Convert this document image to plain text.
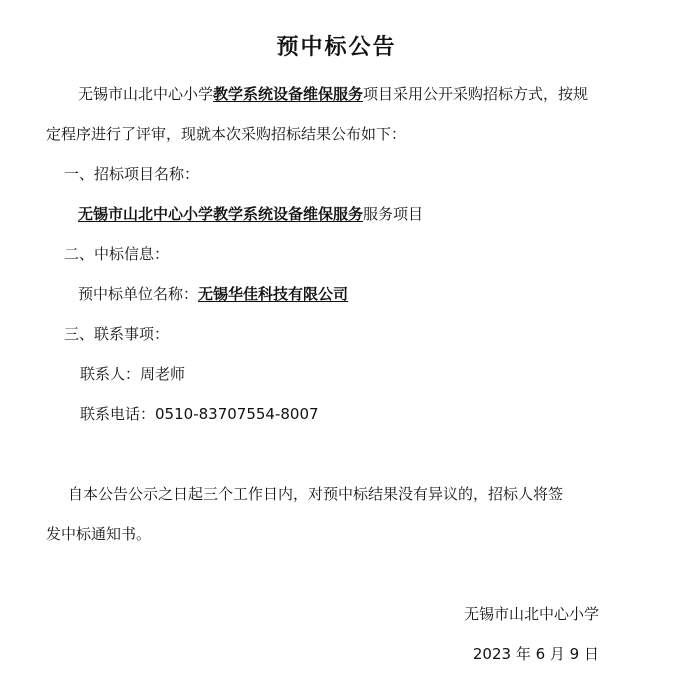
预中标公告
无锡市山北中心小学教学系统设备维保服务项目采用公开采购招标方式，按规
定程序进行了评审，现就本次采购招标结果公布如下：
一、招标项目名称：
无锡市山北中心小学教学系统设备维保服务服务项目
二、中标信息：
预中标单位名称：无锡华佳科技有限公司
三、联系事项：
联系人：周老师
联系电话：0510-83707554-8007
自本公告公示之日起三个工作日内，对预中标结果没有异议的，招标人将签
发中标通知书。
无锡市山北中心小学
2023 年 6 月 9 日
